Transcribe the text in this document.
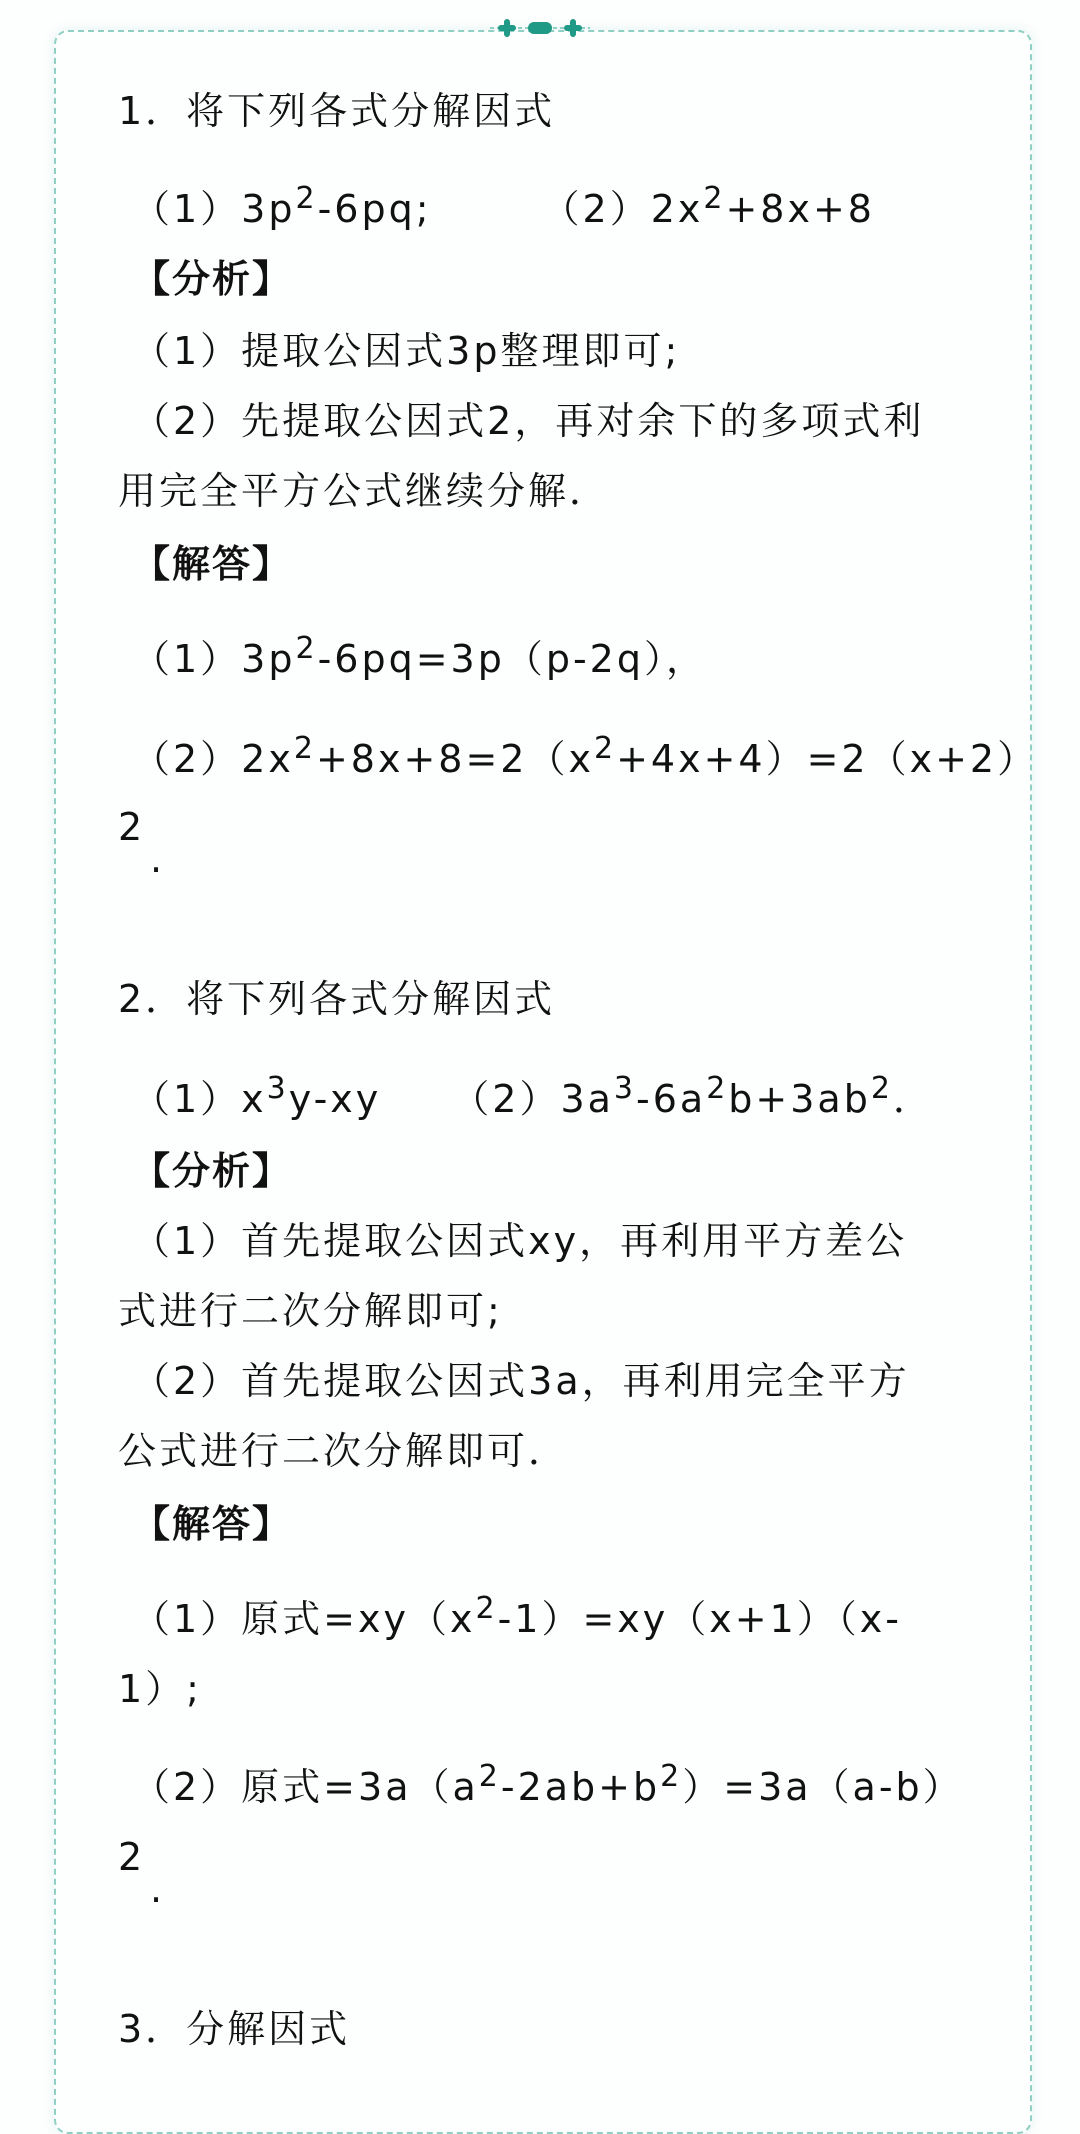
1．将下列各式分解因式
$(1)3p^2-6pq$;	$(2)2x^2+8x+8$
【分析】
（1）提取公因式3p整理即可;
（2）先提取公因式2，再对余下的多项式利
用完全平方公式继续分解．
【解答】
$(1)3p^2-6pq=3p(p-2q)$，
$(2)2x^2+8x+8=2(x^2+4x+4)=2(x+2)$
2
.
2．将下列各式分解因式
$(1)x^3y-xy$ $(2)3a^3-6a^2b+3ab^2$．
【分析】
（1）首先提取公因式xy，再利用平方差公
式进行二次分解即可;
（2）首先提取公因式3a，再利用完全平方
公式进行二次分解即可．
【解答】
（1）原式$=xy(x^2-1)=xy(x+1)(x-$
1）;
（2）原式$=3a(a^2-2ab+b^2)=3a(a-b)$
2
.
3．分解因式
